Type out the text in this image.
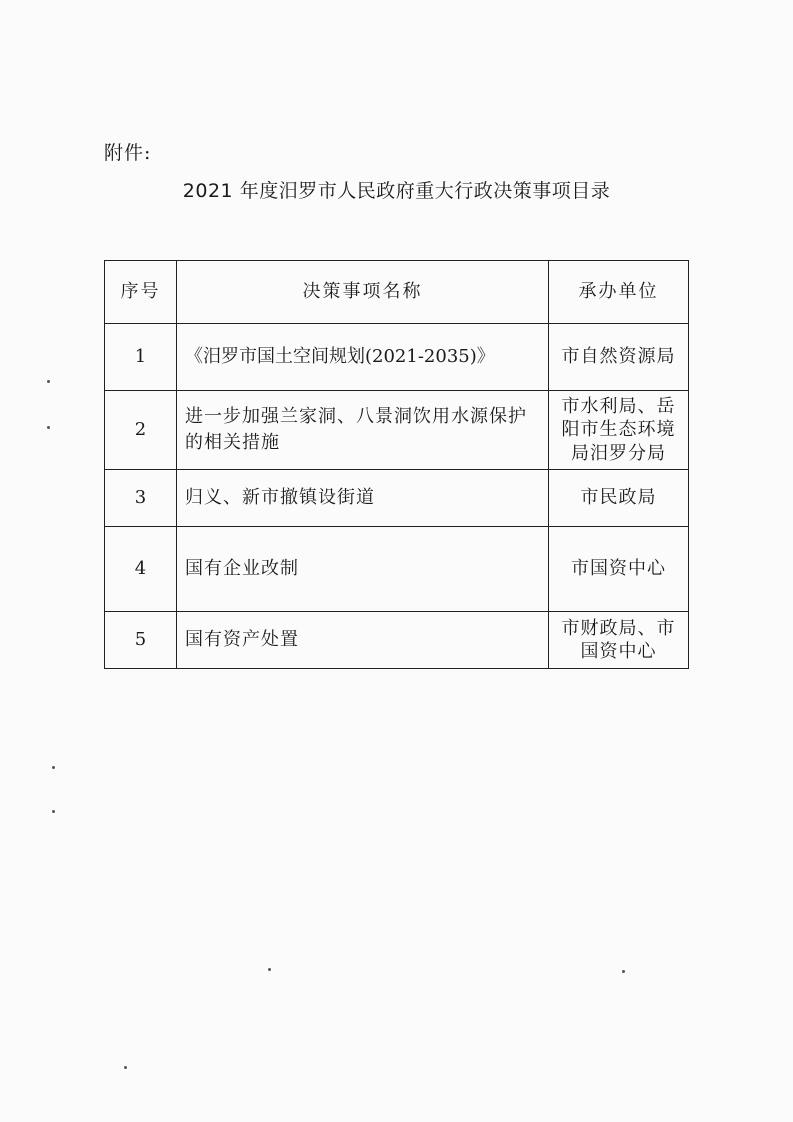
附件:
2021 年度汨罗市人民政府重大行政决策事项目录
序号	决策事项名称	承办单位
1	《汨罗市国土空间规划(2021-2035)》	市自然资源局
2	进一步加强兰家洞、八景洞饮用水源保护的相关措施	市水利局、岳阳市生态环境局汨罗分局
3	归义、新市撤镇设街道	市民政局
4	国有企业改制	市国资中心
5	国有资产处置	市财政局、市国资中心
